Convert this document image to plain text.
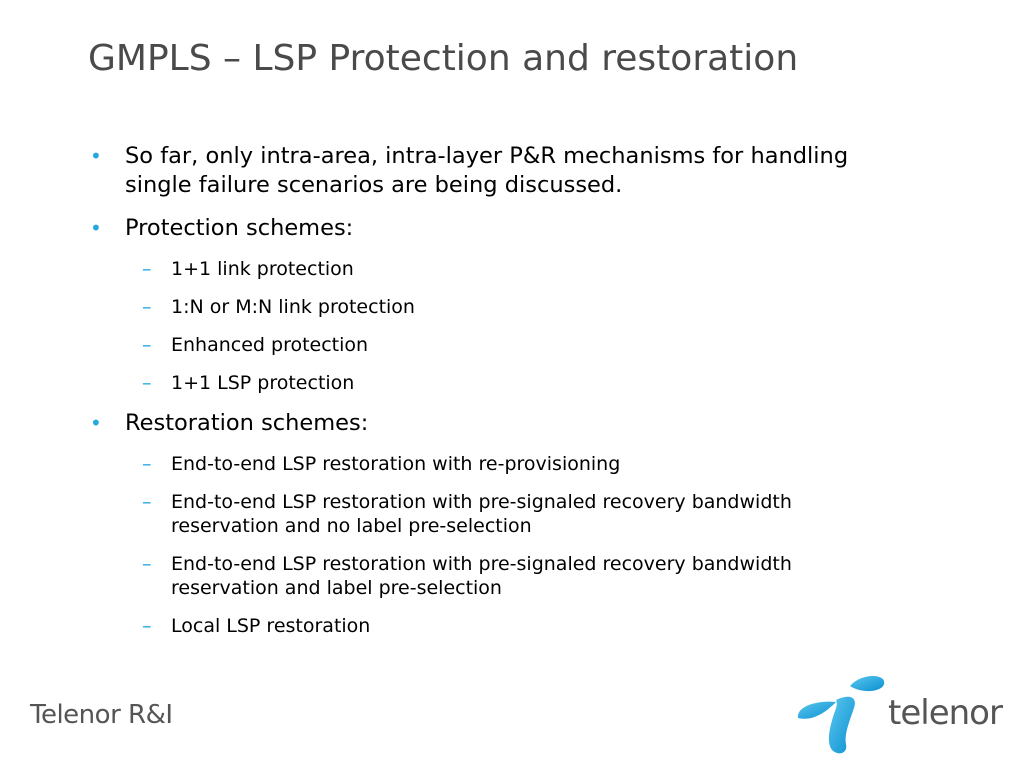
GMPLS – LSP Protection and restoration
• So far, only intra-area, intra-layer P&R mechanisms for handling single failure scenarios are being discussed.
• Protection schemes:
– 1+1 link protection
– 1:N or M:N link protection
– Enhanced protection
– 1+1 LSP protection
• Restoration schemes:
– End-to-end LSP restoration with re-provisioning
– End-to-end LSP restoration with pre-signaled recovery bandwidth reservation and no label pre-selection
– End-to-end LSP restoration with pre-signaled recovery bandwidth reservation and label pre-selection
– Local LSP restoration
Telenor R&I	telenor
